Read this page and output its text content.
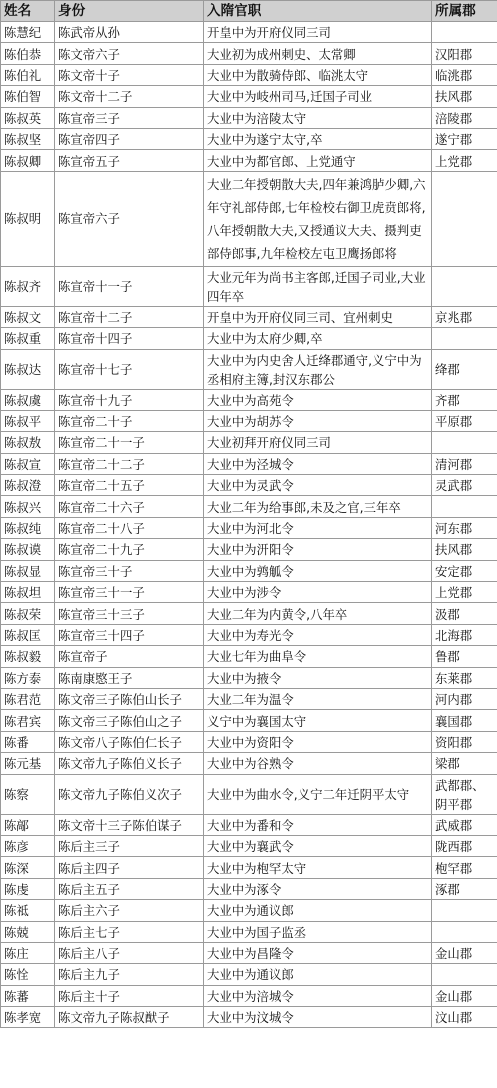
姓名	身份	入隋官职	所属郡
陈慧纪	陈武帝从孙	开皇中为开府仪同三司	
陈伯恭	陈文帝六子	大业初为成州刺史、太常卿	汉阳郡
陈伯礼	陈文帝十子	大业中为散骑侍郎、临洮太守	临洮郡
陈伯智	陈文帝十二子	大业中为岐州司马,迁国子司业	扶风郡
陈叔英	陈宣帝三子	大业中为涪陵太守	涪陵郡
陈叔坚	陈宣帝四子	大业中为遂宁太守,卒	遂宁郡
陈叔卿	陈宣帝五子	大业中为都官郎、上党通守	上党郡
陈叔明	陈宣帝六子	大业二年授朝散大夫,四年兼鸿胪少卿,六年守礼部侍郎,七年检校右御卫虎贲郎将,八年授朝散大夫,又授通议大夫、摄判吏部侍郎事,九年检校左屯卫鹰扬郎将	
陈叔齐	陈宣帝十一子	大业元年为尚书主客郎,迁国子司业,大业四年卒	
陈叔文	陈宣帝十二子	开皇中为开府仪同三司、宜州刺史	京兆郡
陈叔重	陈宣帝十四子	大业中为太府少卿,卒	
陈叔达	陈宣帝十七子	大业中为内史舍人迁绛郡通守,义宁中为丞相府主簿,封汉东郡公	绛郡
陈叔虞	陈宣帝十九子	大业中为高苑令	齐郡
陈叔平	陈宣帝二十子	大业中为胡苏令	平原郡
陈叔敖	陈宣帝二十一子	大业初拜开府仪同三司	
陈叔宣	陈宣帝二十二子	大业中为泾城令	清河郡
陈叔澄	陈宣帝二十五子	大业中为灵武令	灵武郡
陈叔兴	陈宣帝二十六子	大业二年为给事郎,未及之官,三年卒	
陈叔纯	陈宣帝二十八子	大业中为河北令	河东郡
陈叔谟	陈宣帝二十九子	大业中为汧阳令	扶风郡
陈叔显	陈宣帝三十子	大业中为鹑觚令	安定郡
陈叔坦	陈宣帝三十一子	大业中为涉令	上党郡
陈叔荣	陈宣帝三十三子	大业二年为内黄令,八年卒	汲郡
陈叔匡	陈宣帝三十四子	大业中为寿光令	北海郡
陈叔毅	陈宣帝子	大业七年为曲阜令	鲁郡
陈方泰	陈南康愍王子	大业中为掖令	东莱郡
陈君范	陈文帝三子陈伯山长子	大业二年为温令	河内郡
陈君宾	陈文帝三子陈伯山之子	义宁中为襄国太守	襄国郡
陈番	陈文帝八子陈伯仁长子	大业中为资阳令	资阳郡
陈元基	陈文帝九子陈伯义长子	大业中为谷熟令	梁郡
陈察	陈文帝九子陈伯义次子	大业中为曲水令,义宁二年迁阴平太守	武都郡、阴平郡
陈鄗	陈文帝十三子陈伯谋子	大业中为番和令	武威郡
陈彦	陈后主三子	大业中为襄武令	陇西郡
陈深	陈后主四子	大业中为枹罕太守	枹罕郡
陈虔	陈后主五子	大业中为涿令	涿郡
陈祗	陈后主六子	大业中为通议郎	
陈兢	陈后主七子	大业中为国子监丞	
陈庄	陈后主八子	大业中为昌隆令	金山郡
陈恮	陈后主九子	大业中为通议郎	
陈蕃	陈后主十子	大业中为涪城令	金山郡
陈孝宽	陈文帝九子陈叔猷子	大业中为汶城令	汶山郡
